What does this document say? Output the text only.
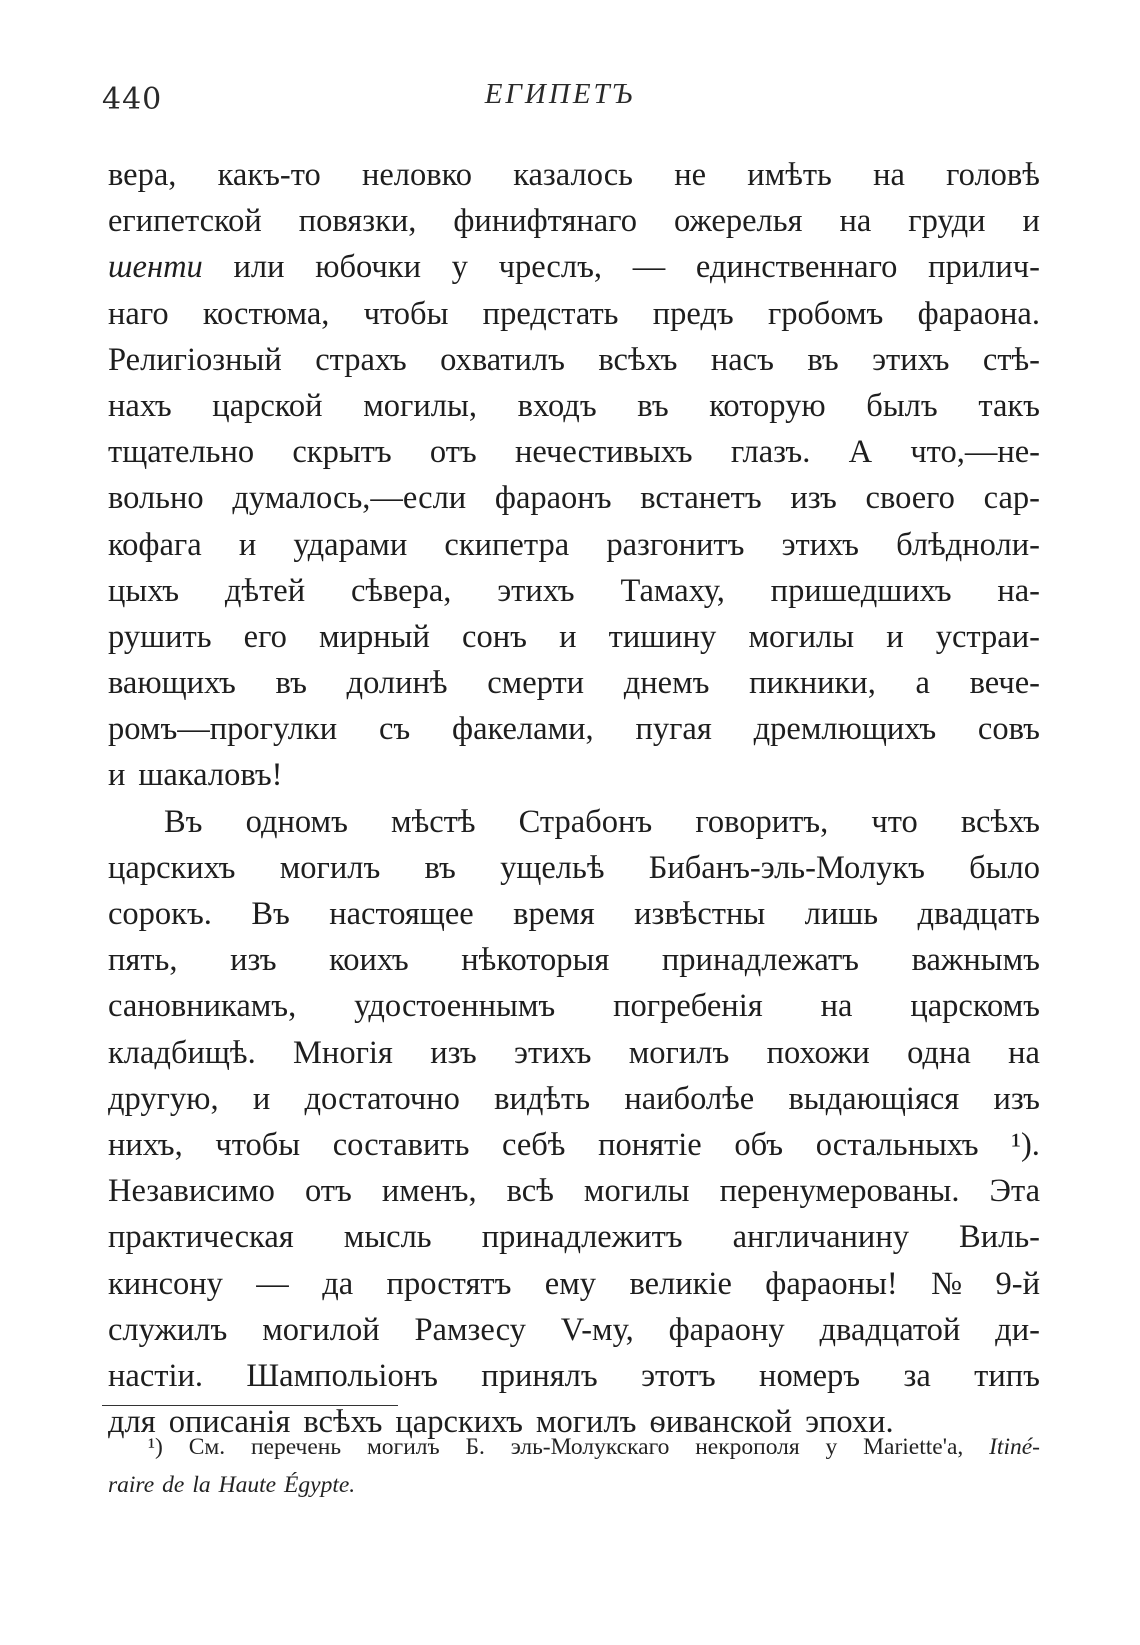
440	ЕГИПЕТЪ
вера, какъ-то неловко казалось не имѣть на головѣ
египетской повязки, финифтянаго ожерелья на груди и
шенти или юбочки у чреслъ, — единственнаго прилич-
наго костюма, чтобы предстать предъ гробомъ фараона.
Религіозный страхъ охватилъ всѣхъ насъ въ этихъ стѣ-
нахъ царской могилы, входъ въ которую былъ такъ
тщательно скрытъ отъ нечестивыхъ глазъ. А что,—не-
вольно думалось,—если фараонъ встанетъ изъ своего сар-
кофага и ударами скипетра разгонитъ этихъ блѣдноли-
цыхъ дѣтей сѣвера, этихъ Тамаху, пришедшихъ на-
рушить его мирный сонъ и тишину могилы и устраи-
вающихъ въ долинѣ смерти днемъ пикники, а вече-
ромъ—прогулки съ факелами, пугая дремлющихъ совъ
и шакаловъ!
Въ одномъ мѣстѣ Страбонъ говоритъ, что всѣхъ
царскихъ могилъ въ ущельѣ Бибанъ-эль-Молукъ было
сорокъ. Въ настоящее время извѣстны лишь двадцать
пять, изъ коихъ нѣкоторыя принадлежатъ важнымъ
сановникамъ, удостоеннымъ погребенія на царскомъ
кладбищѣ. Многія изъ этихъ могилъ похожи одна на
другую, и достаточно видѣть наиболѣе выдающіяся изъ
нихъ, чтобы составить себѣ понятіе объ остальныхъ ¹).
Независимо отъ именъ, всѣ могилы перенумерованы. Эта
практическая мысль принадлежитъ англичанину Виль-
кинсону — да простятъ ему великіе фараоны! № 9-й
служилъ могилой Рамзесу V-му, фараону двадцатой ди-
настіи. Шампольіонъ принялъ этотъ номеръ за типъ
для описанія всѣхъ царскихъ могилъ ѳиванской эпохи.
¹) См. перечень могилъ Б. эль-Молукскаго некрополя у Mariette'a, Itiné-
raire de la Haute Égypte.
